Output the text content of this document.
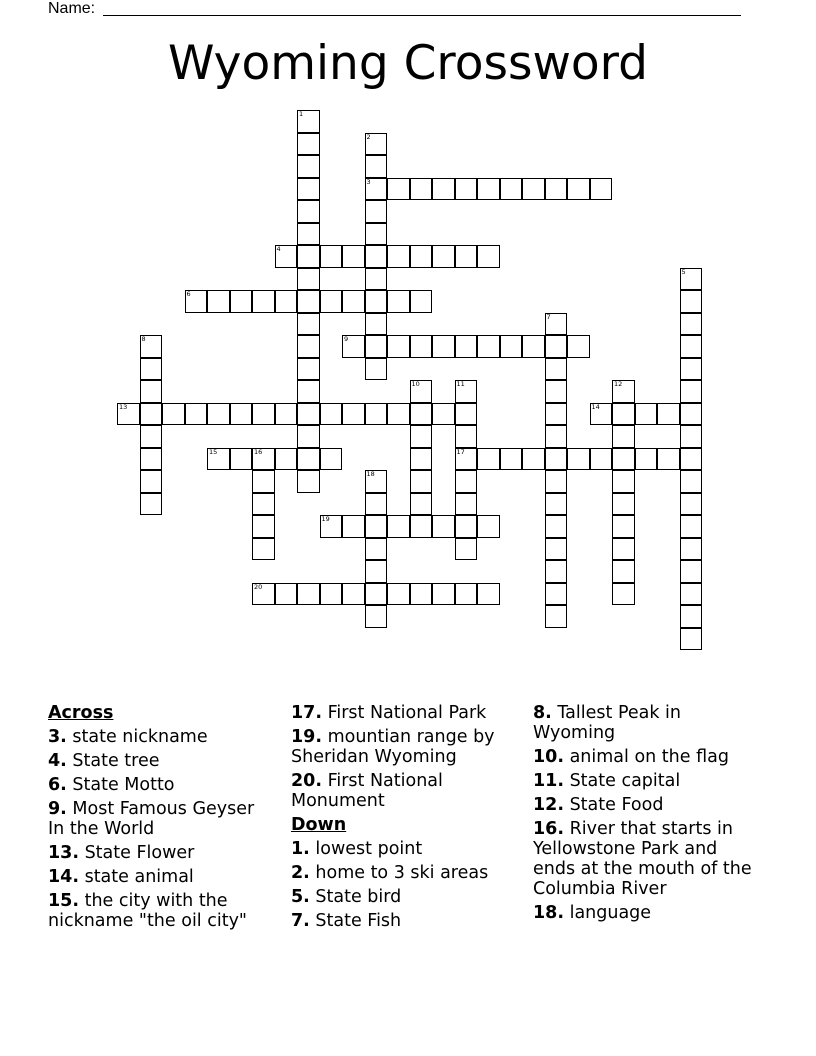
Name:
Wyoming Crossword
1
2
3
4
5
6
7
8	9
10	11
17
12
13	14
15	16
18
19
20
Across
3. state nickname
4. State tree
6. State Motto
9. Most Famous Geyser In the World
13. State Flower
14. state animal
15. the city with the nickname "the oil city"
17. First National Park
19. mountian range by Sheridan Wyoming
20. First National Monument
Down
1. lowest point
2. home to 3 ski areas
5. State bird
7. State Fish
8. Tallest Peak in Wyoming
10. animal on the flag
11. State capital
12. State Food
16. River that starts in Yellowstone Park and ends at the mouth of the Columbia River
18. language
